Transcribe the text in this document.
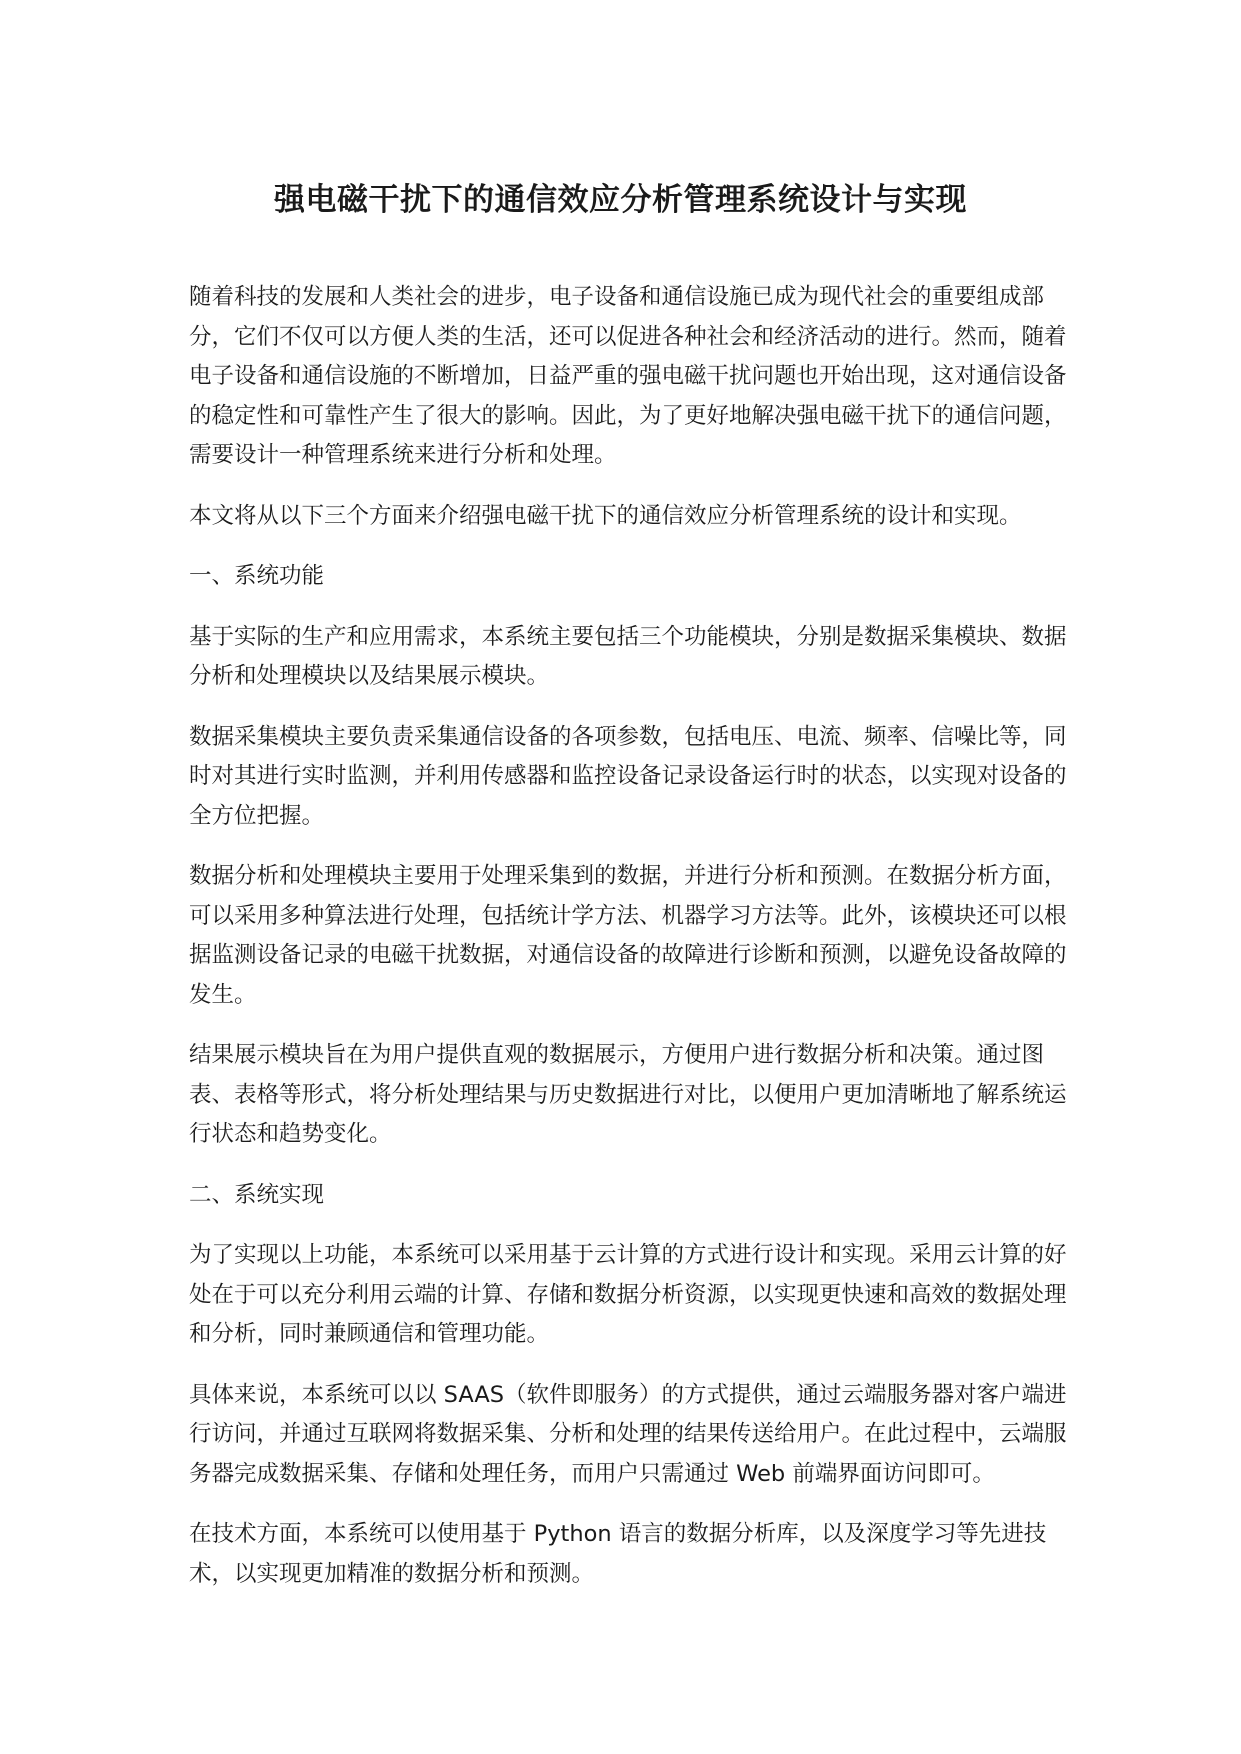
强电磁干扰下的通信效应分析管理系统设计与实现

随着科技的发展和人类社会的进步，电子设备和通信设施已成为现代社会的重要组成部分，它们不仅可以方便人类的生活，还可以促进各种社会和经济活动的进行。然而，随着电子设备和通信设施的不断增加，日益严重的强电磁干扰问题也开始出现，这对通信设备的稳定性和可靠性产生了很大的影响。因此，为了更好地解决强电磁干扰下的通信问题，需要设计一种管理系统来进行分析和处理。

本文将从以下三个方面来介绍强电磁干扰下的通信效应分析管理系统的设计和实现。

一、系统功能

基于实际的生产和应用需求，本系统主要包括三个功能模块，分别是数据采集模块、数据分析和处理模块以及结果展示模块。

数据采集模块主要负责采集通信设备的各项参数，包括电压、电流、频率、信噪比等，同时对其进行实时监测，并利用传感器和监控设备记录设备运行时的状态，以实现对设备的全方位把握。

数据分析和处理模块主要用于处理采集到的数据，并进行分析和预测。在数据分析方面，可以采用多种算法进行处理，包括统计学方法、机器学习方法等。此外，该模块还可以根据监测设备记录的电磁干扰数据，对通信设备的故障进行诊断和预测，以避免设备故障的发生。

结果展示模块旨在为用户提供直观的数据展示，方便用户进行数据分析和决策。通过图表、表格等形式，将分析处理结果与历史数据进行对比，以便用户更加清晰地了解系统运行状态和趋势变化。

二、系统实现

为了实现以上功能，本系统可以采用基于云计算的方式进行设计和实现。采用云计算的好处在于可以充分利用云端的计算、存储和数据分析资源，以实现更快速和高效的数据处理和分析，同时兼顾通信和管理功能。

具体来说，本系统可以以 SAAS（软件即服务）的方式提供，通过云端服务器对客户端进行访问，并通过互联网将数据采集、分析和处理的结果传送给用户。在此过程中，云端服务器完成数据采集、存储和处理任务，而用户只需通过 Web 前端界面访问即可。

在技术方面，本系统可以使用基于 Python 语言的数据分析库，以及深度学习等先进技术，以实现更加精准的数据分析和预测。
